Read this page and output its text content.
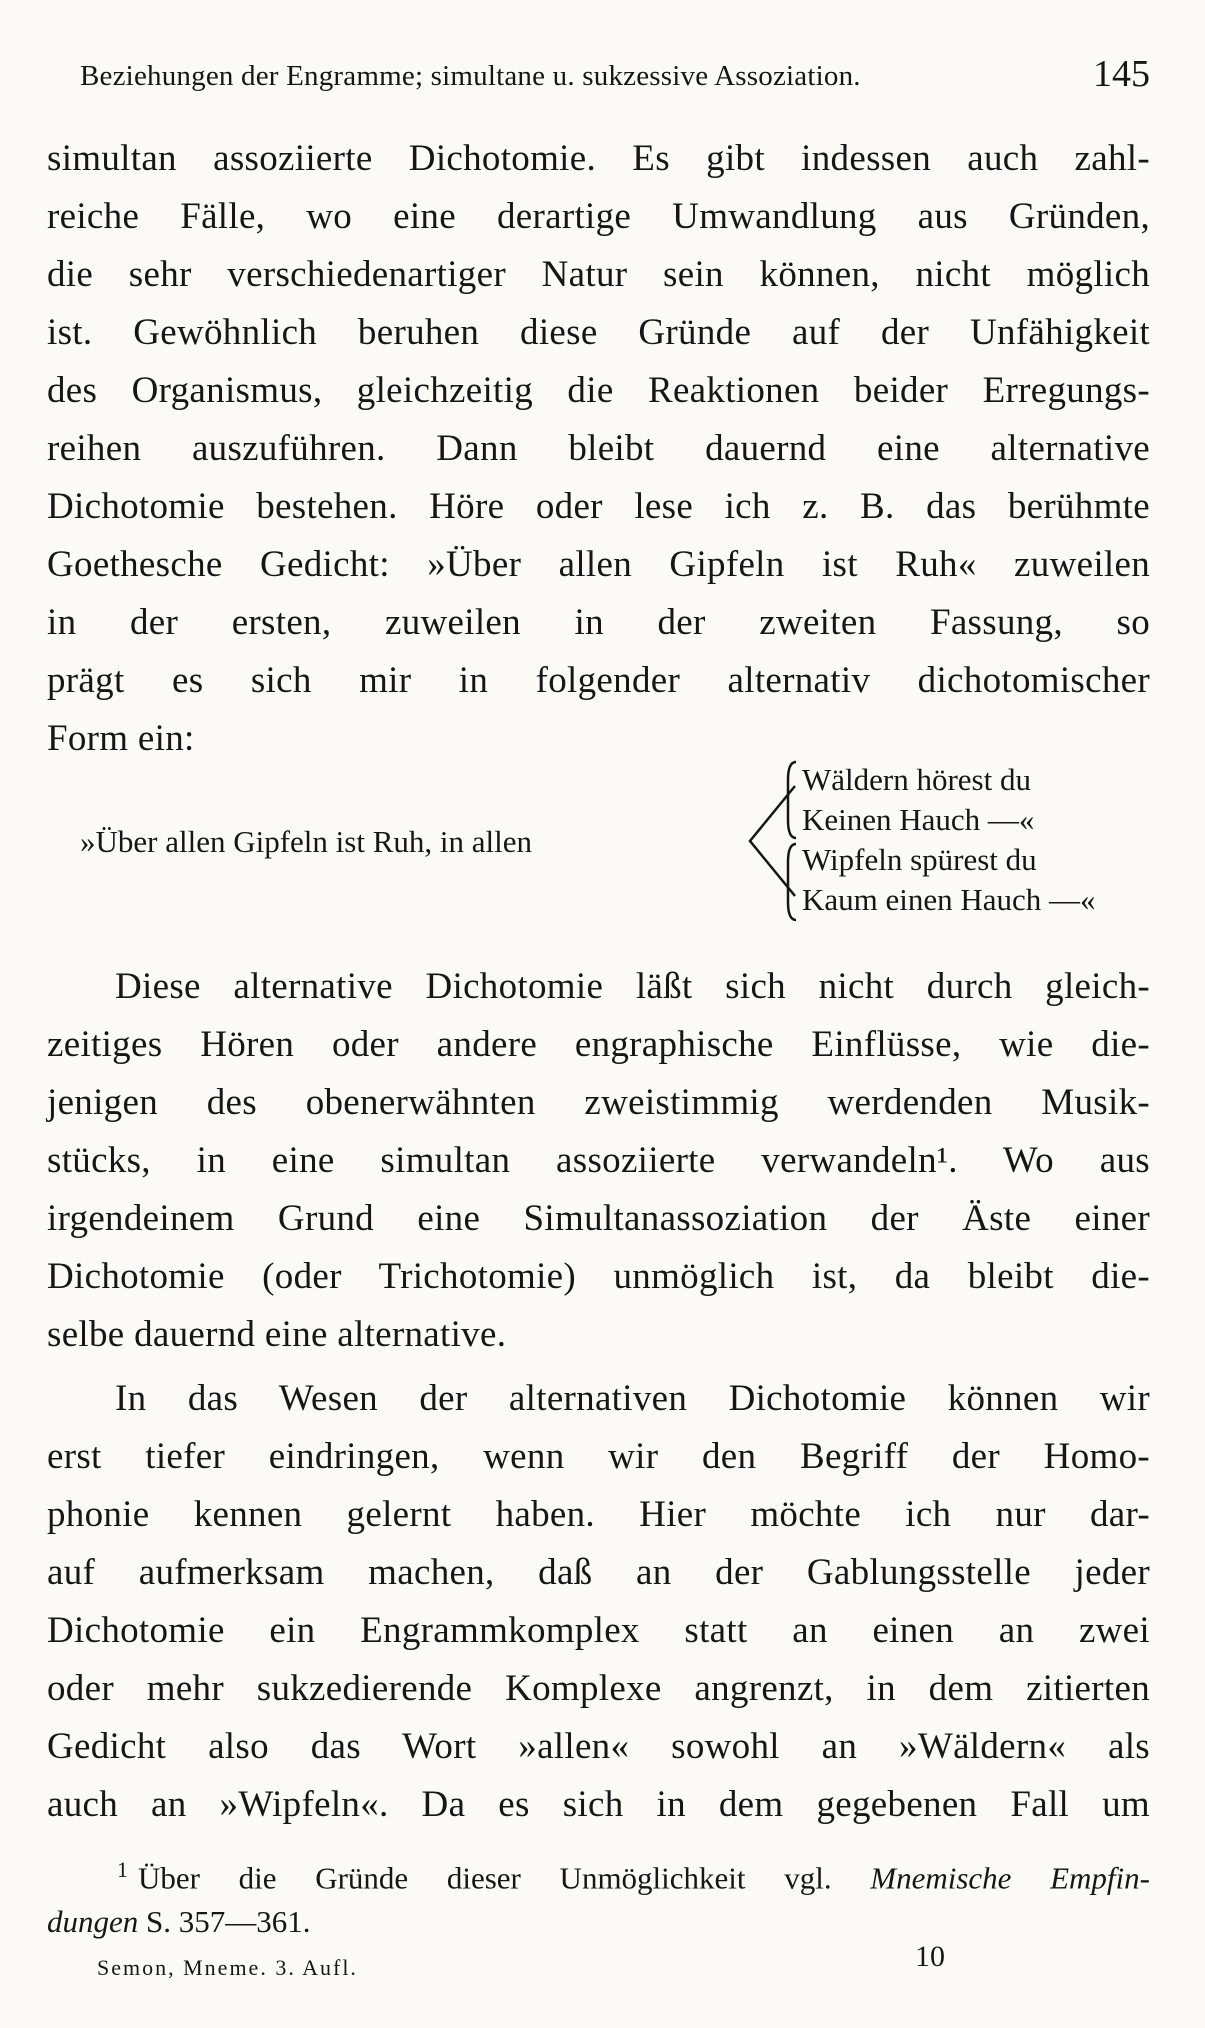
Beziehungen der Engramme; simultane u. sukzessive Assoziation.	145
simultan assoziierte Dichotomie. Es gibt indessen auch zahl-
reiche Fälle, wo eine derartige Umwandlung aus Gründen,
die sehr verschiedenartiger Natur sein können, nicht möglich
ist. Gewöhnlich beruhen diese Gründe auf der Unfähigkeit
des Organismus, gleichzeitig die Reaktionen beider Erregungs-
reihen auszuführen. Dann bleibt dauernd eine alternative
Dichotomie bestehen. Höre oder lese ich z. B. das berühmte
Goethesche Gedicht: »Über allen Gipfeln ist Ruh« zuweilen
in der ersten, zuweilen in der zweiten Fassung, so
prägt es sich mir in folgender alternativ dichotomischer
Form ein:
»Über allen Gipfeln ist Ruh, in allen
Wäldern hörest du
Keinen Hauch —«
Wipfeln spürest du
Kaum einen Hauch —«
Diese alternative Dichotomie läßt sich nicht durch gleich-
zeitiges Hören oder andere engraphische Einflüsse, wie die-
jenigen des obenerwähnten zweistimmig werdenden Musik-
stücks, in eine simultan assoziierte verwandeln¹. Wo aus
irgendeinem Grund eine Simultanassoziation der Äste einer
Dichotomie (oder Trichotomie) unmöglich ist, da bleibt die-
selbe dauernd eine alternative.
In das Wesen der alternativen Dichotomie können wir
erst tiefer eindringen, wenn wir den Begriff der Homo-
phonie kennen gelernt haben. Hier möchte ich nur dar-
auf aufmerksam machen, daß an der Gablungsstelle jeder
Dichotomie ein Engrammkomplex statt an einen an zwei
oder mehr sukzedierende Komplexe angrenzt, in dem zitierten
Gedicht also das Wort »allen« sowohl an »Wäldern« als
auch an »Wipfeln«. Da es sich in dem gegebenen Fall um
$^1$ Über die Gründe dieser Unmöglichkeit vgl. Mnemische Empfin-
dungen S. 357—361.
Semon, Mneme. 3. Aufl.	10
